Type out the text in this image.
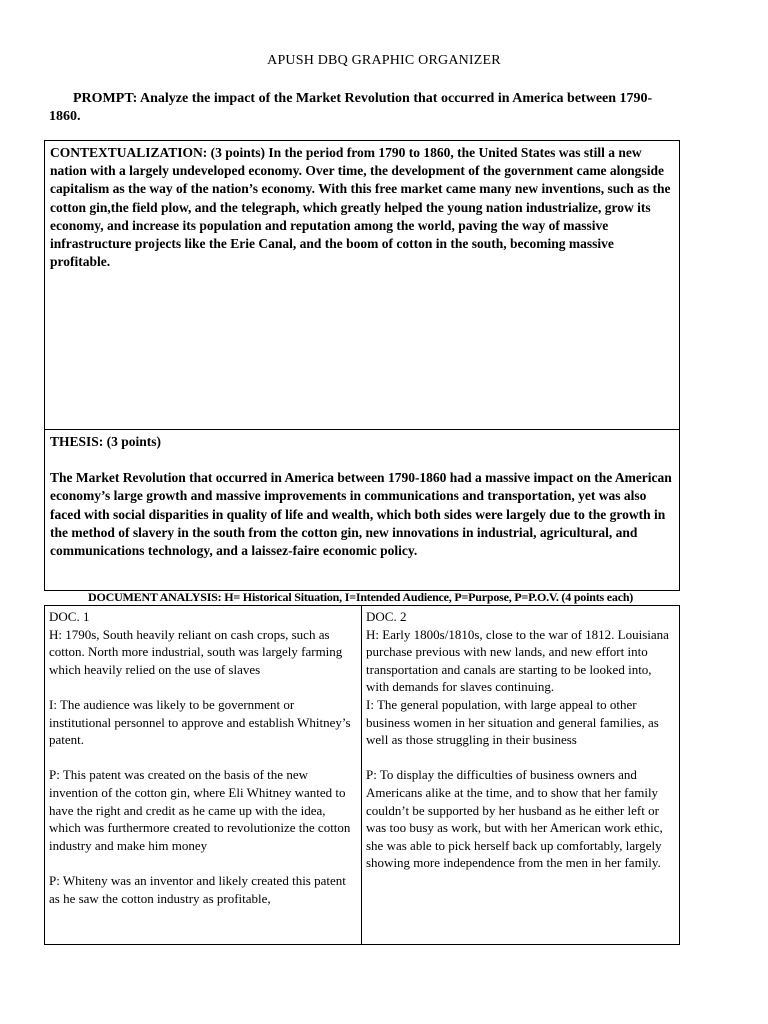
APUSH DBQ GRAPHIC ORGANIZER
PROMPT: Analyze the impact of the Market Revolution that occurred in America between 1790-1860.
CONTEXTUALIZATION: (3 points) In the period from 1790 to 1860, the United States was still a new nation with a largely undeveloped economy. Over time, the development of the government came alongside capitalism as the way of the nation’s economy. With this free market came many new inventions, such as the cotton gin,the field plow, and the telegraph, which greatly helped the young nation industrialize, grow its economy, and increase its population and reputation among the world, paving the way of massive infrastructure projects like the Erie Canal, and the boom of cotton in the south, becoming massive profitable.
THESIS: (3 points)
The Market Revolution that occurred in America between 1790-1860 had a massive impact on the American economy’s large growth and massive improvements in communications and transportation, yet was also faced with social disparities in quality of life and wealth, which both sides were largely due to the growth in the method of slavery in the south from the cotton gin, new innovations in industrial, agricultural, and communications technology, and a laissez-faire economic policy.
DOCUMENT ANALYSIS: H= Historical Situation, I=Intended Audience, P=Purpose, P=P.O.V. (4 points each)
DOC. 1

H: 1790s, South heavily reliant on cash crops, such as cotton. North more industrial, south was largely farming which heavily relied on the use of slaves

I: The audience was likely to be government or institutional personnel to approve and establish Whitney’s patent.

P: This patent was created on the basis of the new invention of the cotton gin, where Eli Whitney wanted to have the right and credit as he came up with the idea, which was furthermore created to revolutionize the cotton industry and make him money

P: Whiteny was an inventor and likely created this patent as he saw the cotton industry as profitable,

DOC. 2

H: Early 1800s/1810s, close to the war of 1812. Louisiana purchase previous with new lands, and new effort into transportation and canals are starting to be looked into, with demands for slaves continuing.

I: The general population, with large appeal to other business women in her situation and general families, as well as those struggling in their business

P: To display the difficulties of business owners and Americans alike at the time, and to show that her family couldn’t be supported by her husband as he either left or was too busy as work, but with her American work ethic, she was able to pick herself back up comfortably, largely showing more independence from the men in her family.
